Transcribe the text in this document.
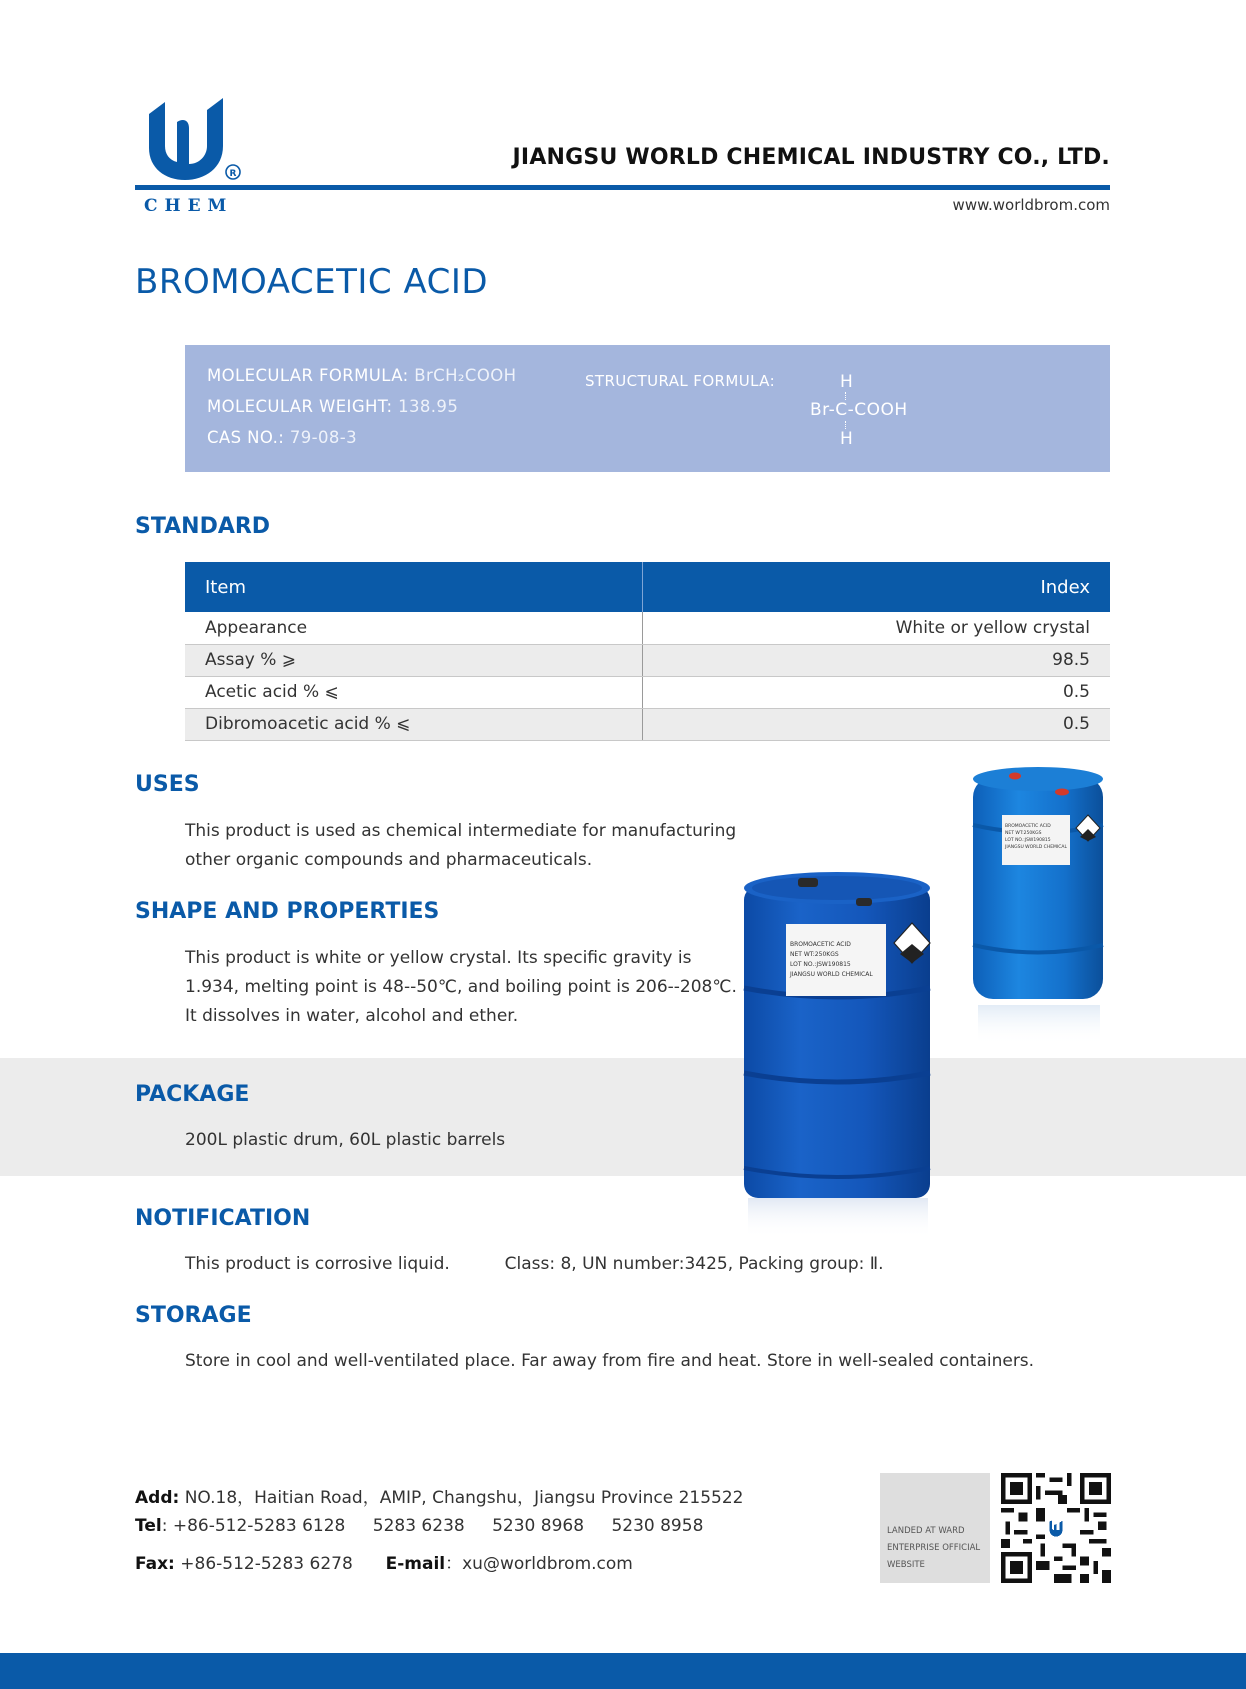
R
CHEM
JIANGSU WORLD CHEMICAL INDUSTRY CO., LTD.
www.worldbrom.com
BROMOACETIC ACID
MOLECULAR FORMULA: BrCH₂COOH
MOLECULAR WEIGHT: 138.95
CAS NO.: 79-08-3
STRUCTURAL FORMULA:	H
Br-C-COOH
H
STANDARD
Item	Index
Appearance	White or yellow crystal
Assay % ⩾	98.5
Acetic acid % ⩽	0.5
Dibromoacetic acid % ⩽	0.5
USES
This product is used as chemical intermediate for manufacturing
other organic compounds and pharmaceuticals.
SHAPE AND PROPERTIES
This product is white or yellow crystal. Its specific gravity is
1.934, melting point is 48--50℃, and boiling point is 206--208℃.
It dissolves in water, alcohol and ether.
PACKAGE
200L plastic drum, 60L plastic barrels
BROMOACETIC ACID
NET WT:250KGS
LOT NO.:JSW190815
JIANGSU WORLD CHEMICAL
BROMOACETIC ACID
NET WT:250KGS
LOT NO.:JSW190815
JIANGSU WORLD CHEMICAL
NOTIFICATION
This product is corrosive liquid.	Class: 8, UN number:3425, Packing group: Ⅱ.
STORAGE
Store in cool and well-ventilated place. Far away from fire and heat. Store in well-sealed containers.
Add: NO.18，Haitian Road，AMIP, Changshu，Jiangsu Province 215522
Tel: +86-512-5283 6128 5283 6238 5230 8968 5230 8958
Fax: +86-512-5283 6278 E-mail：xu@worldbrom.com
LANDED AT WARD
ENTERPRISE OFFICIAL
WEBSITE
